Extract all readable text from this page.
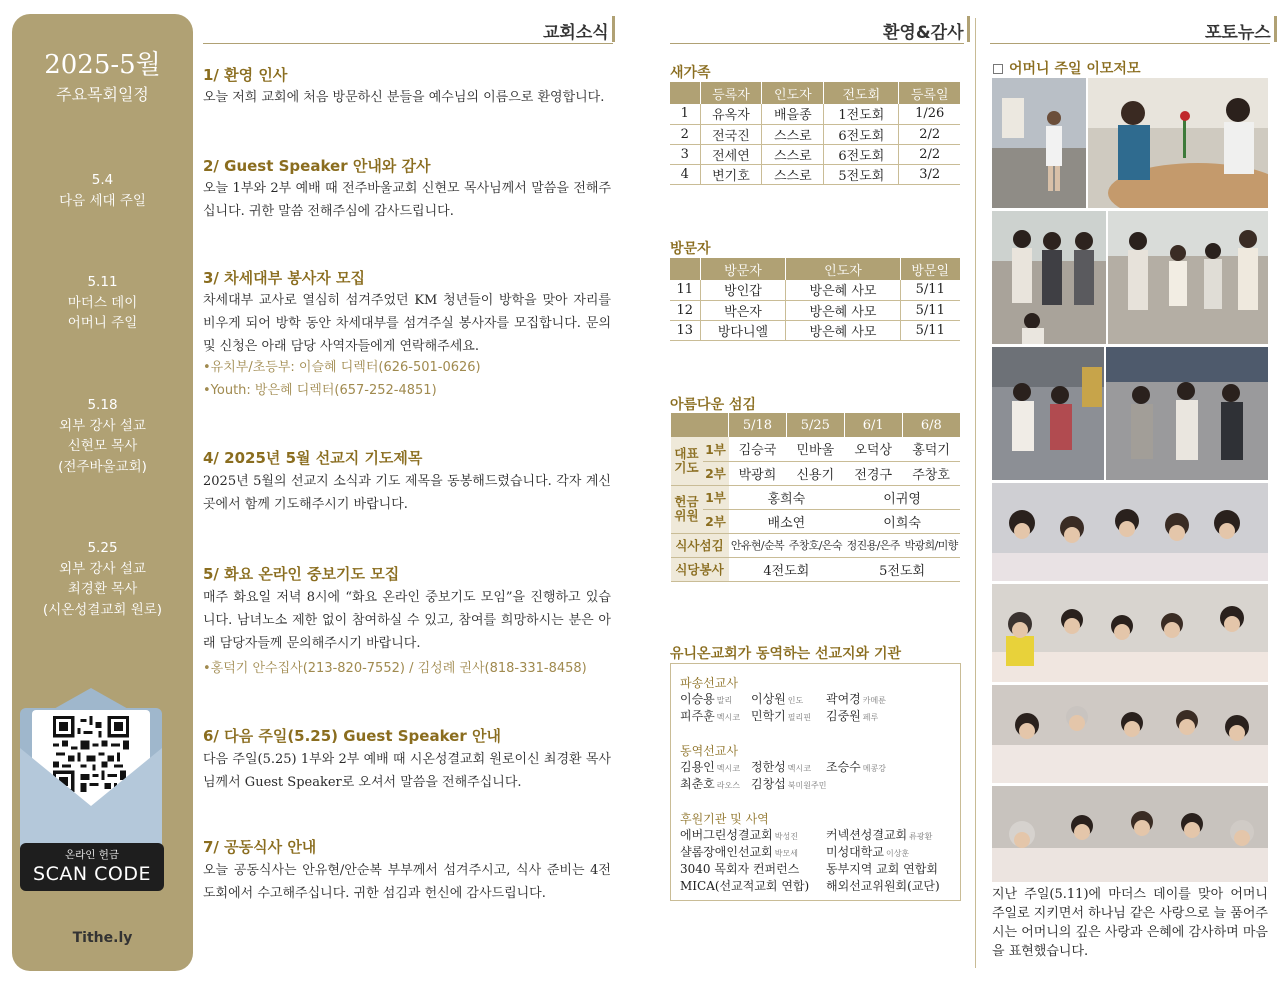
2025-5월
주요목회일정
5.4
다음 세대 주일
5.11
마더스 데이
어머니 주일
5.18
외부 강사 설교
신현모 목사
(전주바울교회)
5.25
외부 강사 설교
최경환 목사
(시온성결교회 원로)
Tithe.ly
온라인 헌금
SCAN CODE
교회소식	환영&감사	포토뉴스
1/ 환영 인사
오늘 저희 교회에 처음 방문하신 분들을 예수님의 이름으로 환영합니다.
2/ Guest Speaker 안내와 감사
오늘 1부와 2부 예배 때 전주바울교회 신현모 목사님께서 말씀을 전해주십니다. 귀한 말씀 전해주심에 감사드립니다.
3/ 차세대부 봉사자 모집
차세대부 교사로 열심히 섬겨주었던 KM 청년들이 방학을 맞아 자리를 비우게 되어 방학 동안 차세대부를 섬겨주실 봉사자를 모집합니다. 문의 및 신청은 아래 담당 사역자들에게 연락해주세요.
•유치부/초등부: 이슬혜 디렉터(626-501-0626)
•Youth: 방은혜 디렉터(657-252-4851)
4/ 2025년 5월 선교지 기도제목
2025년 5월의 선교지 소식과 기도 제목을 동봉해드렸습니다. 각자 계신 곳에서 함께 기도해주시기 바랍니다.
5/ 화요 온라인 중보기도 모집
매주 화요일 저녁 8시에 “화요 온라인 중보기도 모임”을 진행하고 있습니다. 남녀노소 제한 없이 참여하실 수 있고, 참여를 희망하시는 분은 아래 담당자들께 문의해주시기 바랍니다.
•홍덕기 안수집사(213-820-7552) / 김성례 권사(818-331-8458)
6/ 다음 주일(5.25) Guest Speaker 안내
다음 주일(5.25) 1부와 2부 예배 때 시온성결교회 원로이신 최경환 목사님께서 Guest Speaker로 오셔서 말씀을 전해주십니다.
7/ 공동식사 안내
오늘 공동식사는 안유현/안순복 부부께서 섬겨주시고, 식사 준비는 4전도회에서 수고해주십니다. 귀한 섬김과 헌신에 감사드립니다.
새가족
	등록자	인도자	전도회	등록일
1	유옥자	배을종	1전도회	1/26
2	전국진	스스로	6전도회	2/2
3	전세연	스스로	6전도회	2/2
4	변기호	스스로	5전도회	3/2
방문자
	방문자	인도자	방문일
11	방인갑	방은혜 사모	5/11
12	박은자	방은혜 사모	5/11
13	방다니엘	방은혜 사모	5/11
아름다운 섬김
		5/18	5/25	6/1	6/8
대표기도	1부	김승국	민바울	오덕상	홍덕기
	2부	박광희	신용기	전경구	주창호
헌금위원	1부	홍희숙		이귀영	
	2부	배소연		이희숙	
식사섬김		안유현/순복	주창호/은숙	정진용/은주	박광희/미향
식당봉사		4전도회		5전도회	
유니온교회가 동역하는 선교지와 기관
파송선교사
이승용 말리 이상원 인도 곽여경 카메룬
피주훈 멕시코 민학기 필리핀 김중원 페루
동역선교사
김용인 멕시코 정한성 멕시코 조승수 메콩강
최춘호 라오스 김창섭 북미원주민
후원기관 및 사역
에버그린성결교회 박성진 커넥션성결교회 류광환
샬롬장애인선교회 박모세 미성대학교 이상훈
3040 목회자 컨퍼런스 동부지역 교회 연합회
MICA(선교적교회 연합) 해외선교위원회(교단)
어머니 주일 이모저모
지난 주일(5.11)에 마더스 데이를 맞아 어머니 주일로 지키면서 하나님 같은 사랑으로 늘 품어주시는 어머니의 깊은 사랑과 은혜에 감사하며 마음을 표현했습니다.
